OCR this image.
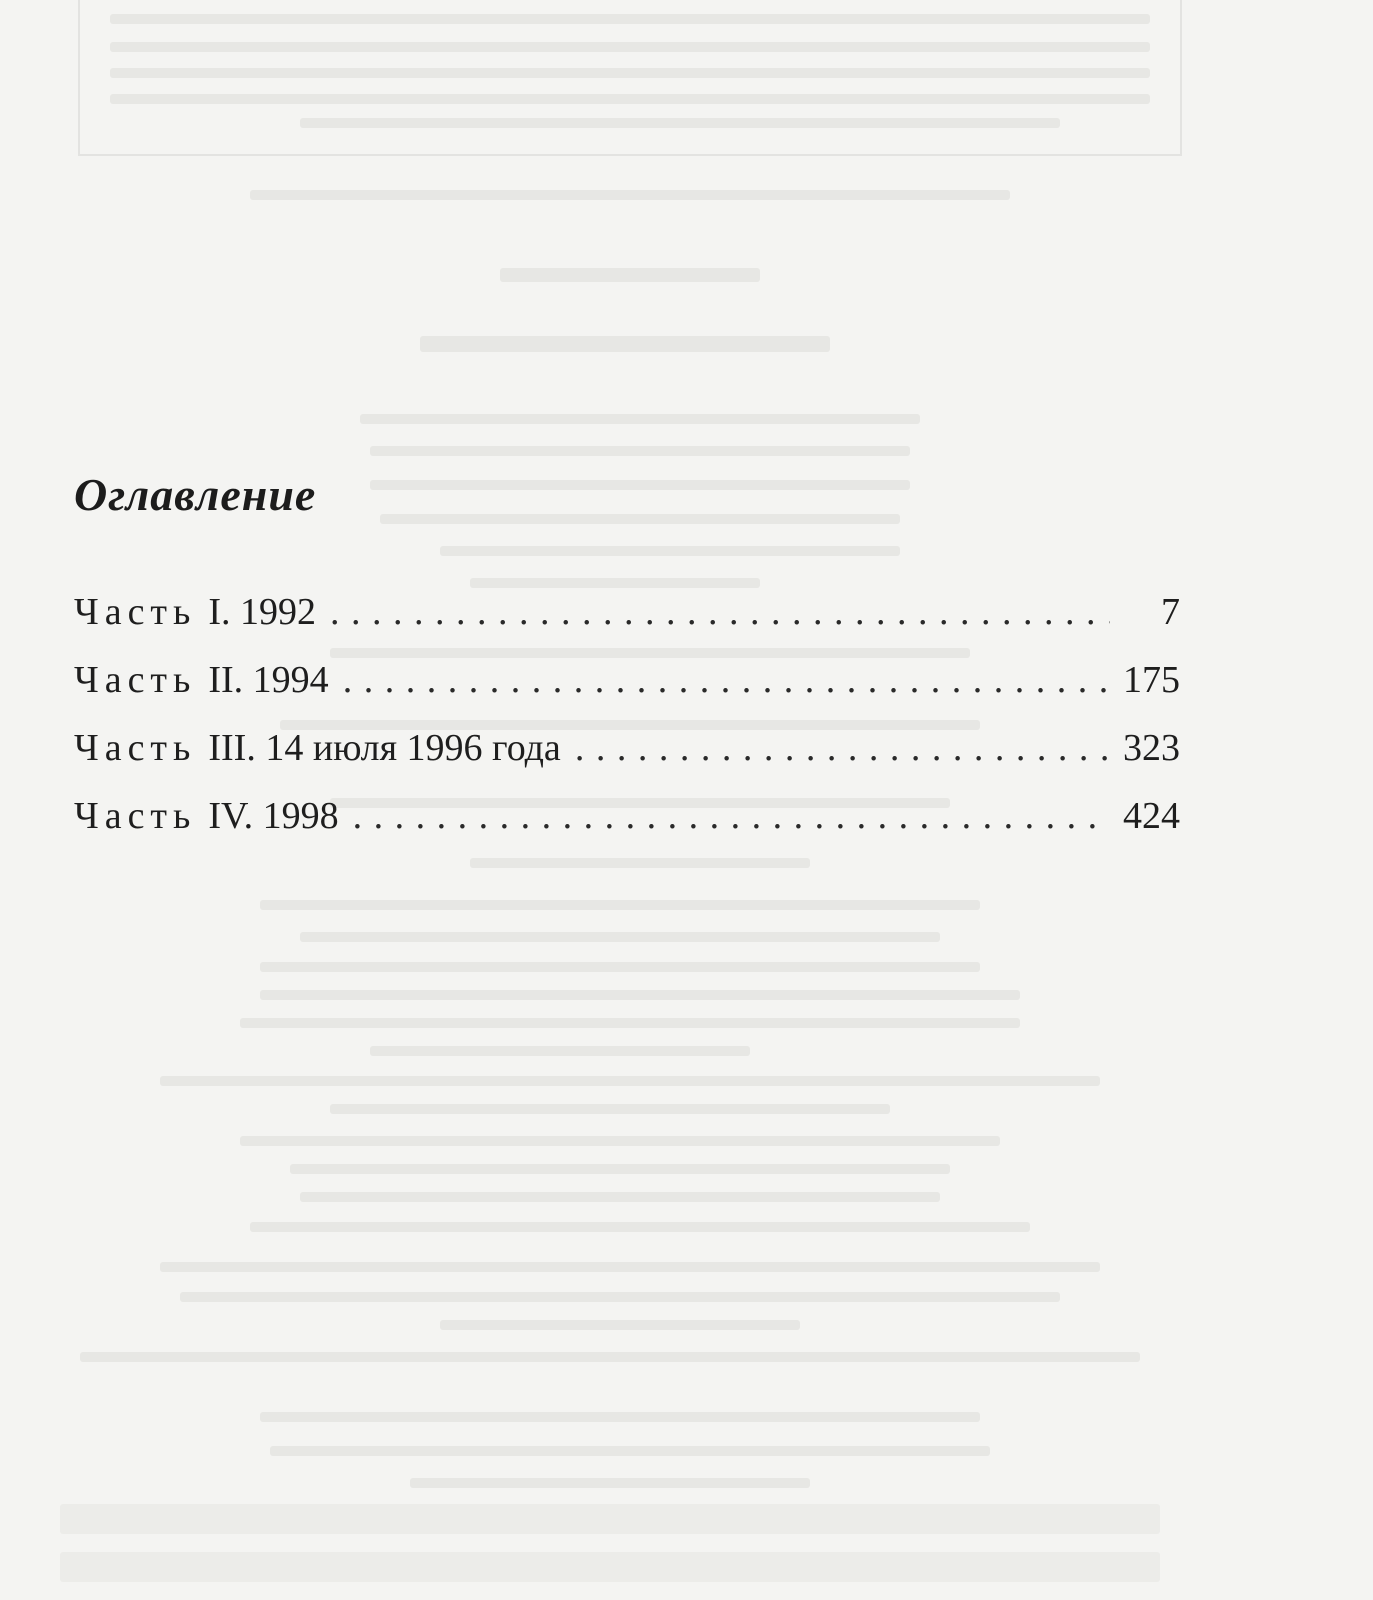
Оглавление
Часть I. 1992 . . .	7
Часть II. 1994 . . .	175
Часть III. 14 июля 1996 года . . .	323
Часть IV. 1998 . . .	424
